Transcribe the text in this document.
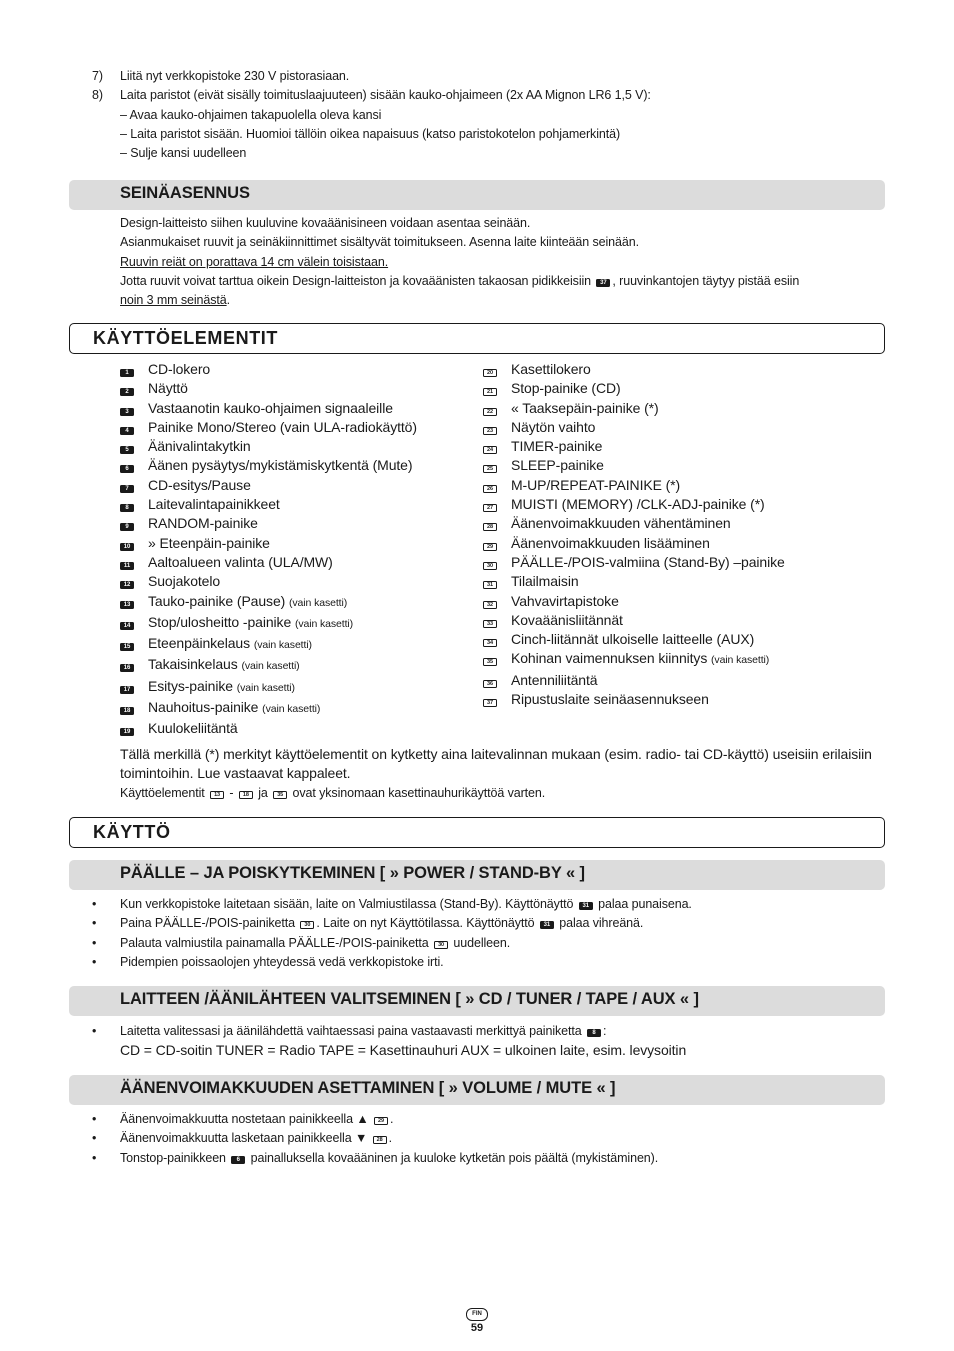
7)	Liitä nyt verkkopistoke 230 V pistorasiaan.
8)	Laita paristot (eivät sisälly toimituslaajuuteen) sisään kauko-ohjaimeen (2x AA Mignon LR6 1,5 V):
– Avaa kauko-ohjaimen takapuolella oleva kansi
– Laita paristot sisään. Huomioi tällöin oikea napaisuus (katso paristokotelon pohjamerkintä)
– Sulje kansi uudelleen
SEINÄASENNUS
Design-laitteisto siihen kuuluvine kovaäänisineen voidaan asentaa seinään.
Asianmukaiset ruuvit ja seinäkiinnittimet sisältyvät toimitukseen. Asenna laite kiinteään seinään.
Ruuvin reiät on porattava 14 cm välein toisistaan.
Jotta ruuvit voivat tarttua oikein Design-laitteiston ja kovaäänisten takaosan pidikkeisiin 37 , ruuvinkantojen täytyy pistää esiin
noin 3 mm seinästä.
KÄYTTÖELEMENTIT
1	CD-lokero
2	Näyttö
3	Vastaanotin kauko-ohjaimen signaaleille
4	Painike Mono/Stereo (vain ULA-radiokäyttö)
5	Äänivalintakytkin
6	Äänen pysäytys/mykistämiskytkentä (Mute)
7	CD-esitys/Pause
8	Laitevalintapainikkeet
9	RANDOM-painike
10 » Eteenpäin-painike
11 Aaltoalueen valinta (ULA/MW)
12 Suojakotelo
13 Tauko-painike (Pause)
(vain kasetti)
14 Stop/ulosheitto -painike
(vain kasetti)
15 Eteenpäinkelaus
(vain kasetti)
16 Takaisinkelaus
(vain kasetti)
17 Esitys-painike
(vain kasetti)
18 Nauhoitus-painike
(vain kasetti)
19 Kuulokeliitäntä
20 Kasettilokero
21 Stop-painike (CD)
22 « Taaksepäin-painike (*)
23 Näytön vaihto
24 TIMER-painike
25 SLEEP-painike
26 M-UP/REPEAT-PAINIKE (*)
27 MUISTI (MEMORY) /CLK-ADJ-painike (*)
28 Äänenvoimakkuuden vähentäminen
29 Äänenvoimakkuuden lisääminen
30 PÄÄLLE-/POIS-valmiina (Stand-By) –painike
31 Tilailmaisin
32 Vahvavirtapistoke
33 Kovaäänisliitännät
34 Cinch-liitännät ulkoiselle laitteelle (AUX)
35 Kohinan vaimennuksen kiinnitys
(vain kasetti)
36 Antenniliitäntä
37 Ripustuslaite seinäasennukseen
Tällä merkillä (*) merkityt käyttöelementit on kytketty aina laitevalinnan mukaan (esim. radio- tai CD-käyttö) useisiin erilaisiin
toimintoihin. Lue vastaavat kappaleet.
Käyttöelementit 13 - 18 ja 35 ovat yksinomaan kasettinauhurikäyttöä varten.
KÄYTTÖ
PÄÄLLE – JA POISKYTKEMINEN [ » POWER / STAND-BY « ]
•	Kun verkkopistoke laitetaan sisään, laite on Valmiustilassa (Stand-By). Käyttönäyttö 31 palaa punaisena.
•	Paina PÄÄLLE-/POIS-painiketta 30 . Laite on nyt Käyttötilassa. Käyttönäyttö 31 palaa vihreänä.
•	Palauta valmiustila painamalla PÄÄLLE-/POIS-painiketta 30 uudelleen.
•	Pidempien poissaolojen yhteydessä vedä verkkopistoke irti.
LAITTEEN /ÄÄNILÄHTEEN VALITSEMINEN [ » CD / TUNER / TAPE / AUX « ]
•	Laitetta valitessasi ja äänilähdettä vaihtaessasi paina vastaavasti merkittyä painiketta 8 :
CD = CD-soitin TUNER = Radio TAPE = Kasettinauhuri AUX = ulkoinen laite, esim. levysoitin
ÄÄNENVOIMAKKUUDEN ASETTAMINEN [ » VOLUME / MUTE « ]
•	Äänenvoimakkuutta nostetaan painikkeella ▲ 29 .
•	Äänenvoimakkuutta lasketaan painikkeella ▼ 28 .
•	Tonstop-painikkeen 6 painalluksella kovaääninen ja kuuloke kytketän pois päältä (mykistäminen).
FIN
59
